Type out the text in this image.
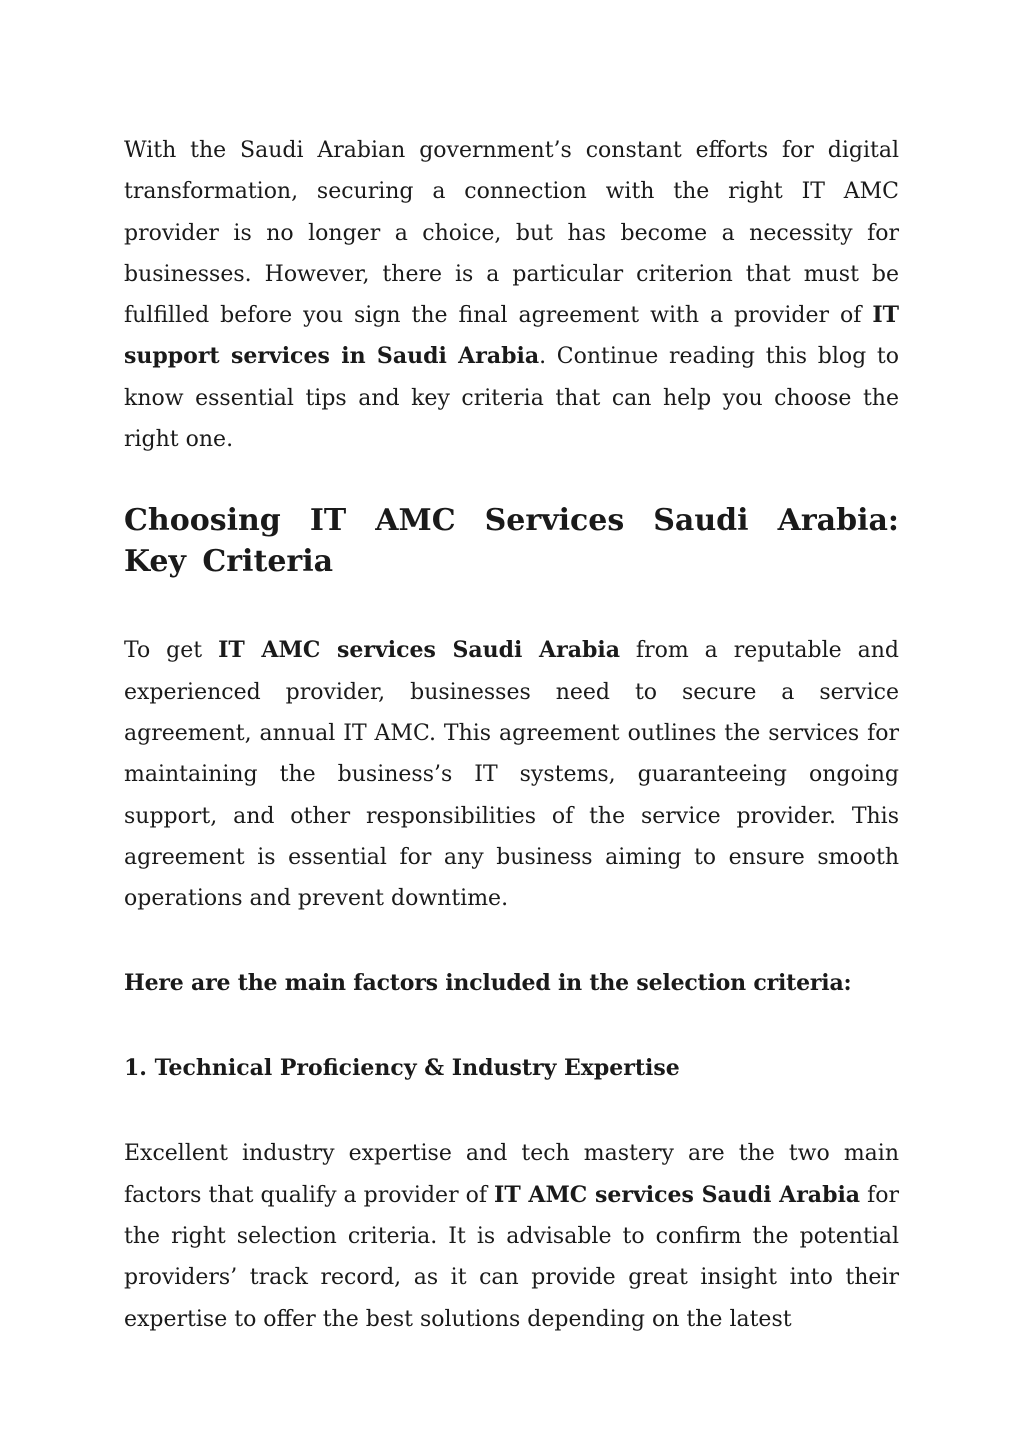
With the Saudi Arabian government’s constant efforts for digital transformation, securing a connection with the right IT AMC provider is no longer a choice, but has become a necessity for businesses. However, there is a particular criterion that must be fulfilled before you sign the final agreement with a provider of IT support services in Saudi Arabia. Continue reading this blog to know essential tips and key criteria that can help you choose the right one.

Choosing IT AMC Services Saudi Arabia: Key Criteria

To get IT AMC services Saudi Arabia from a reputable and experienced provider, businesses need to secure a service agreement, annual IT AMC. This agreement outlines the services for maintaining the business’s IT systems, guaranteeing ongoing support, and other responsibilities of the service provider. This agreement is essential for any business aiming to ensure smooth operations and prevent downtime.

Here are the main factors included in the selection criteria:

1. Technical Proficiency & Industry Expertise

Excellent industry expertise and tech mastery are the two main factors that qualify a provider of IT AMC services Saudi Arabia for the right selection criteria. It is advisable to confirm the potential providers’ track record, as it can provide great insight into their expertise to offer the best solutions depending on the latest
